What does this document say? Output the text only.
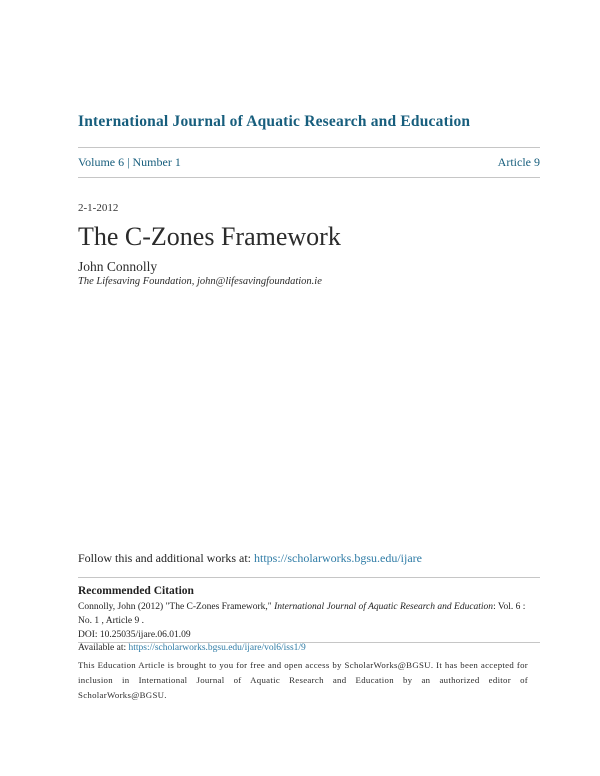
International Journal of Aquatic Research and Education
Volume 6 | Number 1	Article 9
2-1-2012
The C-Zones Framework
John Connolly
The Lifesaving Foundation, john@lifesavingfoundation.ie
Follow this and additional works at: https://scholarworks.bgsu.edu/ijare
Recommended Citation
Connolly, John (2012) "The C-Zones Framework," International Journal of Aquatic Research and Education: Vol. 6 : No. 1 , Article 9 .
DOI: 10.25035/ijare.06.01.09
Available at: https://scholarworks.bgsu.edu/ijare/vol6/iss1/9
This Education Article is brought to you for free and open access by ScholarWorks@BGSU. It has been accepted for inclusion in International Journal of Aquatic Research and Education by an authorized editor of ScholarWorks@BGSU.
